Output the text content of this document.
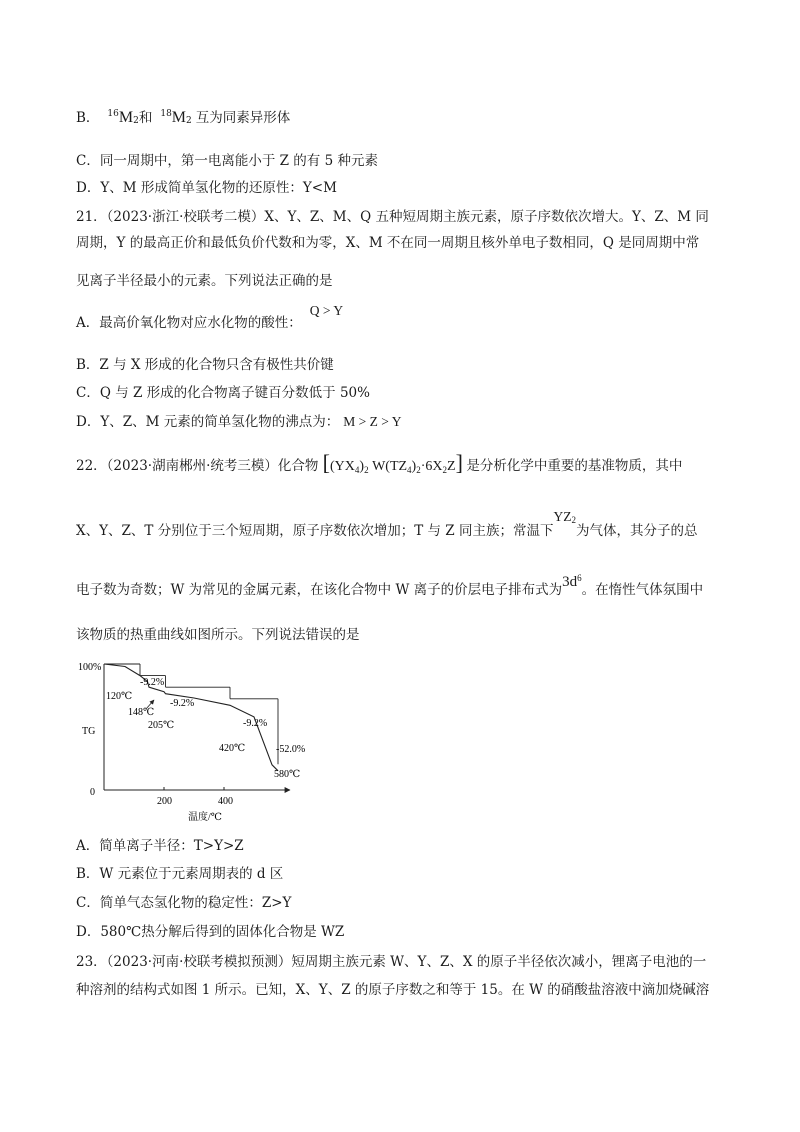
B． $^{16}M_2$和 $^{18}M_2$ 互为同素异形体
C．同一周期中，第一电离能小于 Z 的有 5 种元素
D．Y、M 形成简单氢化物的还原性：Y<M
21．（2023·浙江·校联考二模）X、Y、Z、M、Q 五种短周期主族元素，原子序数依次增大。Y、Z、M 同
周期，Y 的最高正价和最低负价代数和为零，X、M 不在同一周期且核外单电子数相同，Q 是同周期中常
见离子半径最小的元素。下列说法正确的是
A．最高价氧化物对应水化物的酸性：Q > Y
B．Z 与 X 形成的化合物只含有极性共价键
C．Q 与 Z 形成的化合物离子键百分数低于 50%
D．Y、Z、M 元素的简单氢化物的沸点为： M > Z > Y
22．（2023·湖南郴州·统考三模）化合物 [$(YX_4)_2$ $W(TZ_4)_2\cdot 6X_2Z$] 是分析化学中重要的基准物质，其中
X、Y、Z、T 分别位于三个短周期，原子序数依次增加；T 与 Z 同主族；常温下$YZ_2$为气体，其分子的总
电子数为奇数；W 为常见的金属元素，在该化合物中 W 离子的价层电子排布式为$3d^6$。在惰性气体氛围中
该物质的热重曲线如图所示。下列说法错误的是
100%
0
TG
200	400
温度/℃
120℃
-9.2%
148℃
205℃
-9.2%
420℃
-9.2%
580℃
-52.0%
A．简单离子半径：T>Y>Z
B．W 元素位于元素周期表的 d 区
C．简单气态氢化物的稳定性：Z>Y
D．580℃热分解后得到的固体化合物是 WZ
23．（2023·河南·校联考模拟预测）短周期主族元素 W、Y、Z、X 的原子半径依次减小，锂离子电池的一
种溶剂的结构式如图 1 所示。已知，X、Y、Z 的原子序数之和等于 15。在 W 的硝酸盐溶液中滴加烧碱溶
